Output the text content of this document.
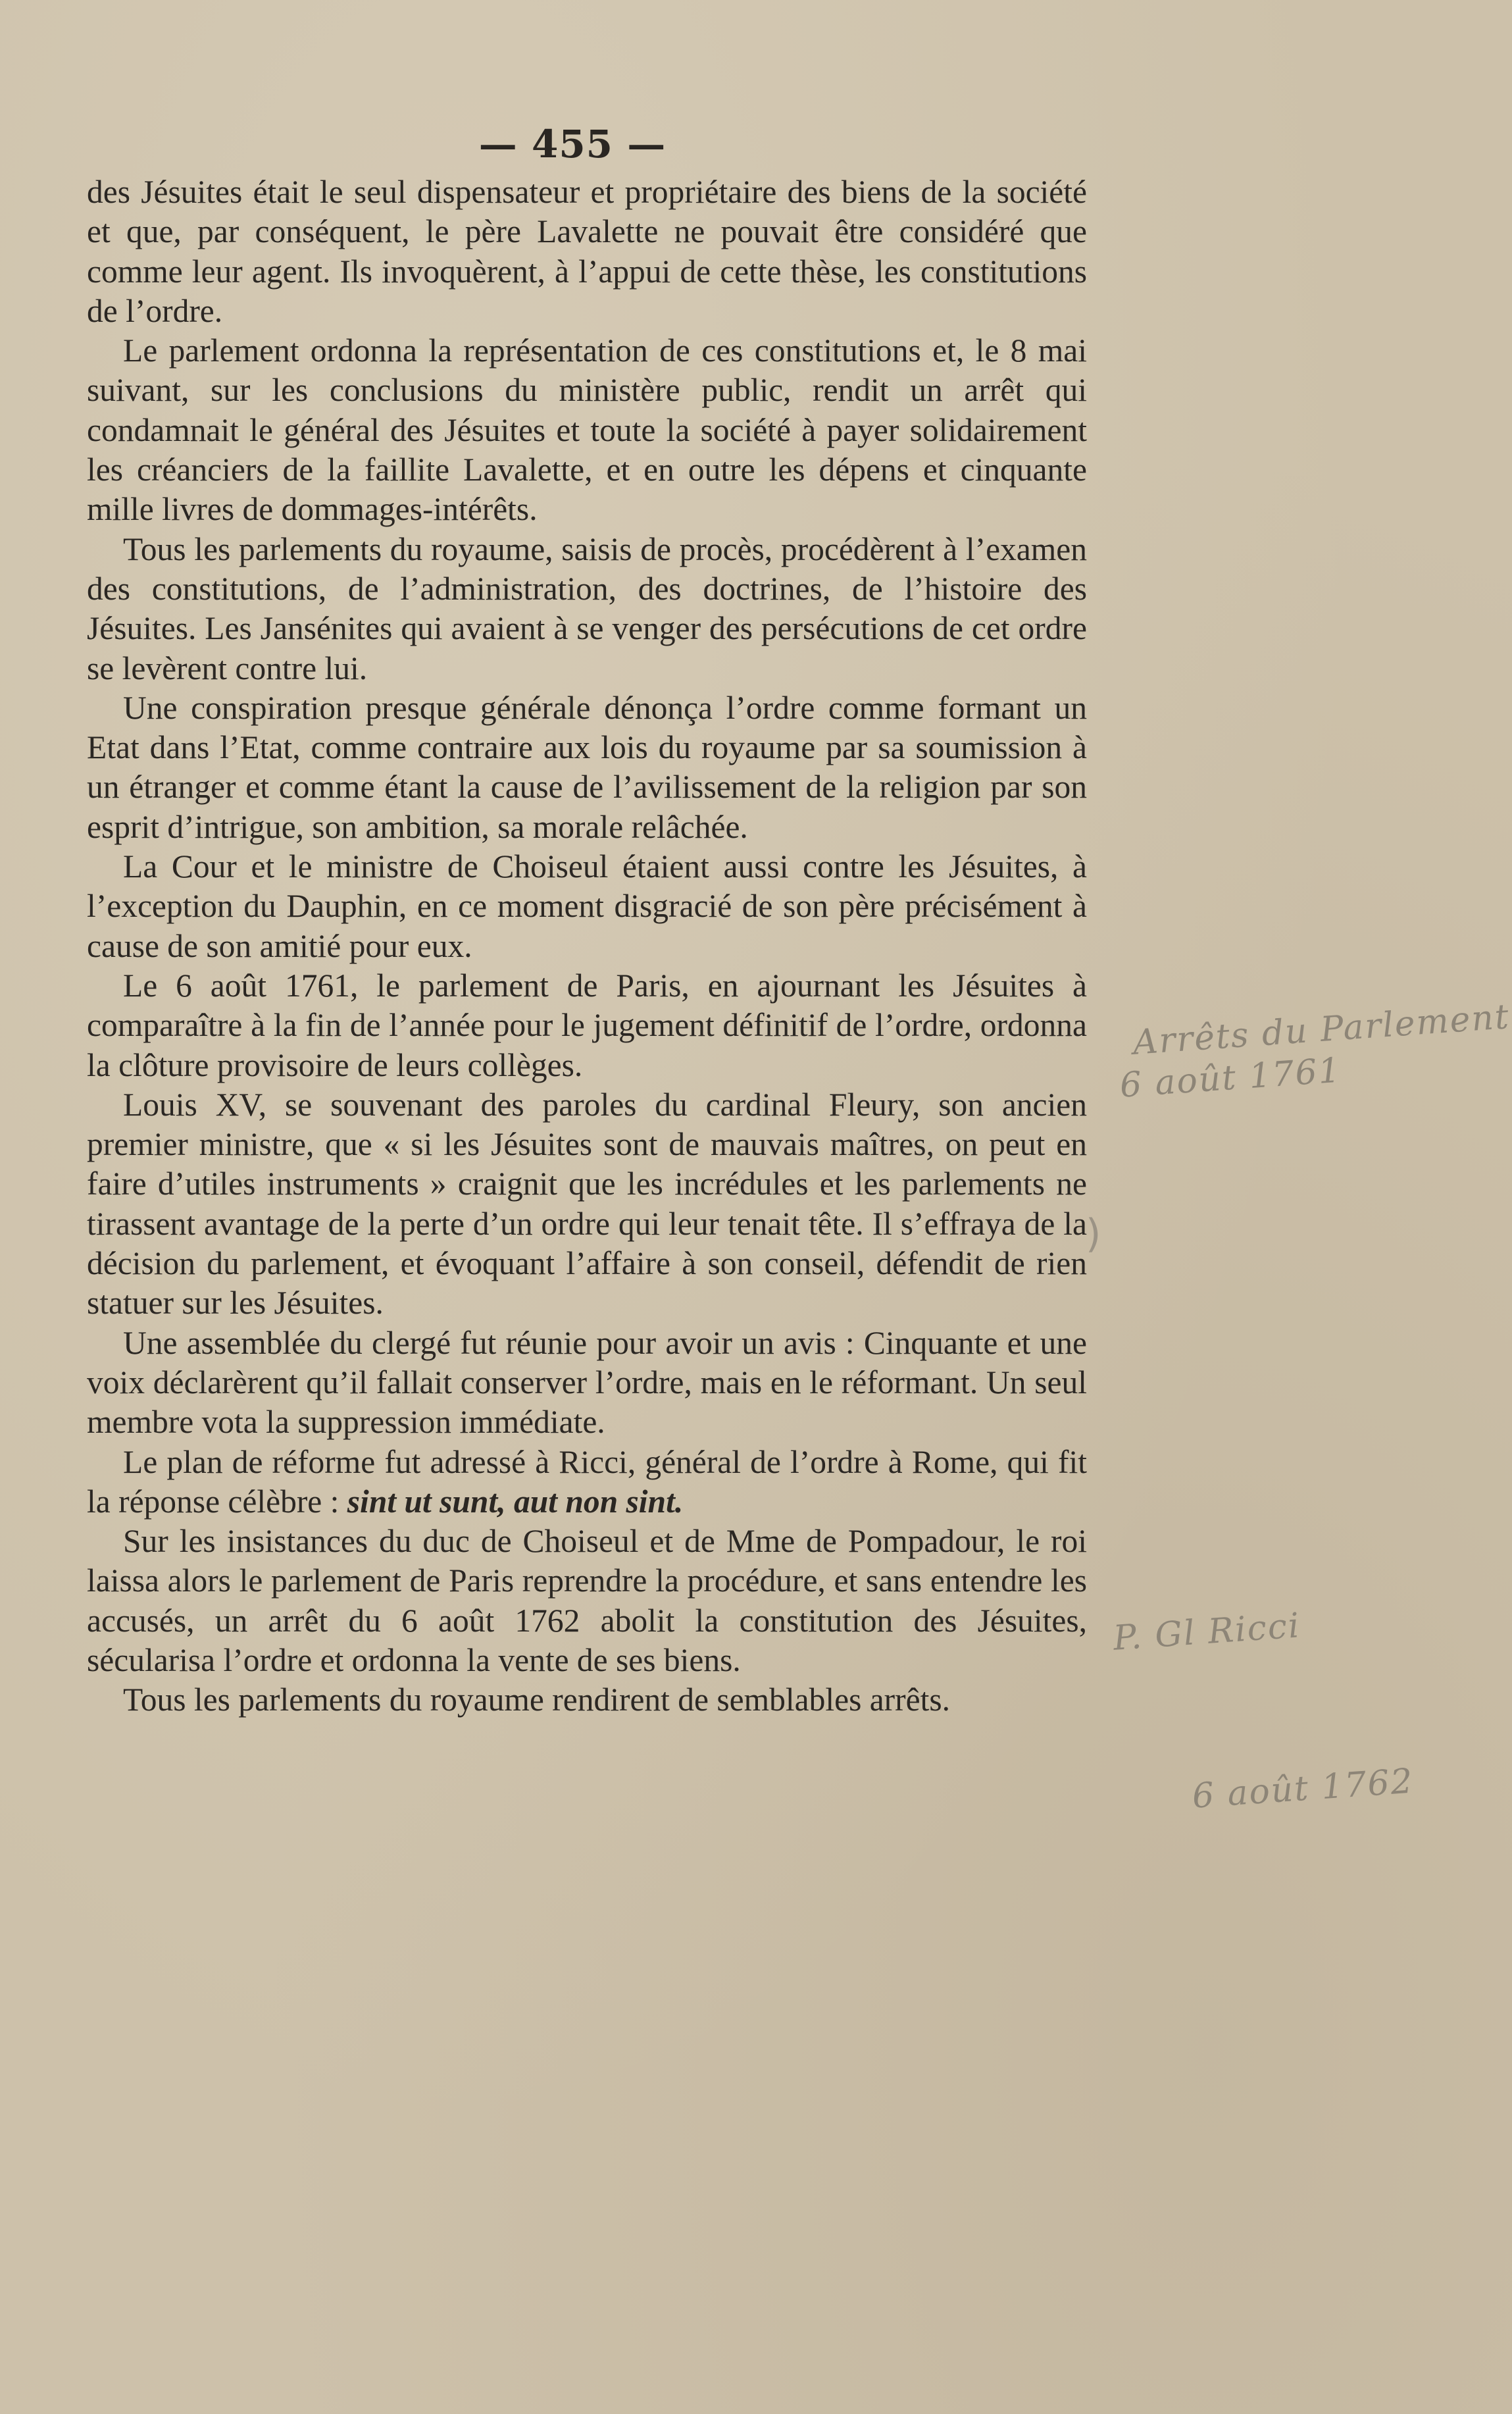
— 455 —

des Jésuites était le seul dispensateur et propriétaire des biens de la société et que, par conséquent, le père Lavalette ne pouvait être considéré que comme leur agent. Ils invoquèrent, à l’appui de cette thèse, les constitutions de l’ordre.

Le parlement ordonna la représentation de ces constitutions et, le 8 mai suivant, sur les conclusions du ministère public, rendit un arrêt qui condamnait le général des Jésuites et toute la société à payer solidairement les créanciers de la faillite Lavalette, et en outre les dépens et cinquante mille livres de dommages-intérêts.

Tous les parlements du royaume, saisis de procès, procédèrent à l’examen des constitutions, de l’administration, des doctrines, de l’histoire des Jésuites. Les Jansénites qui avaient à se venger des persécutions de cet ordre se levèrent contre lui.

Une conspiration presque générale dénonça l’ordre comme formant un Etat dans l’Etat, comme contraire aux lois du royaume par sa soumission à un étranger et comme étant la cause de l’avilissement de la religion par son esprit d’intrigue, son ambition, sa morale relâchée.

La Cour et le ministre de Choiseul étaient aussi contre les Jésuites, à l’exception du Dauphin, en ce moment disgracié de son père précisément à cause de son amitié pour eux.

Le 6 août 1761, le parlement de Paris, en ajournant les Jésuites à comparaître à la fin de l’année pour le jugement définitif de l’ordre, ordonna la clôture provisoire de leurs collèges.

Louis XV, se souvenant des paroles du cardinal Fleury, son ancien premier ministre, que « si les Jésuites sont de mauvais maîtres, on peut en faire d’utiles instruments » craignit que les incrédules et les parlements ne tirassent avantage de la perte d’un ordre qui leur tenait tête. Il s’effraya de la décision du parlement, et évoquant l’affaire à son conseil, défendit de rien statuer sur les Jésuites.

Une assemblée du clergé fut réunie pour avoir un avis : Cinquante et une voix déclarèrent qu’il fallait conserver l’ordre, mais en le réformant. Un seul membre vota la suppression immédiate.

Le plan de réforme fut adressé à Ricci, général de l’ordre à Rome, qui fit la réponse célèbre : sint ut sunt, aut non sint.

Sur les insistances du duc de Choiseul et de Mme de Pompadour, le roi laissa alors le parlement de Paris reprendre la procédure, et sans entendre les accusés, un arrêt du 6 août 1762 abolit la constitution des Jésuites, sécularisa l’ordre et ordonna la vente de ses biens.

Tous les parlements du royaume rendirent de semblables arrêts.

Arrêts du Parlement
6 août 1761
P. Gl Ricci
6 août 1762
)
